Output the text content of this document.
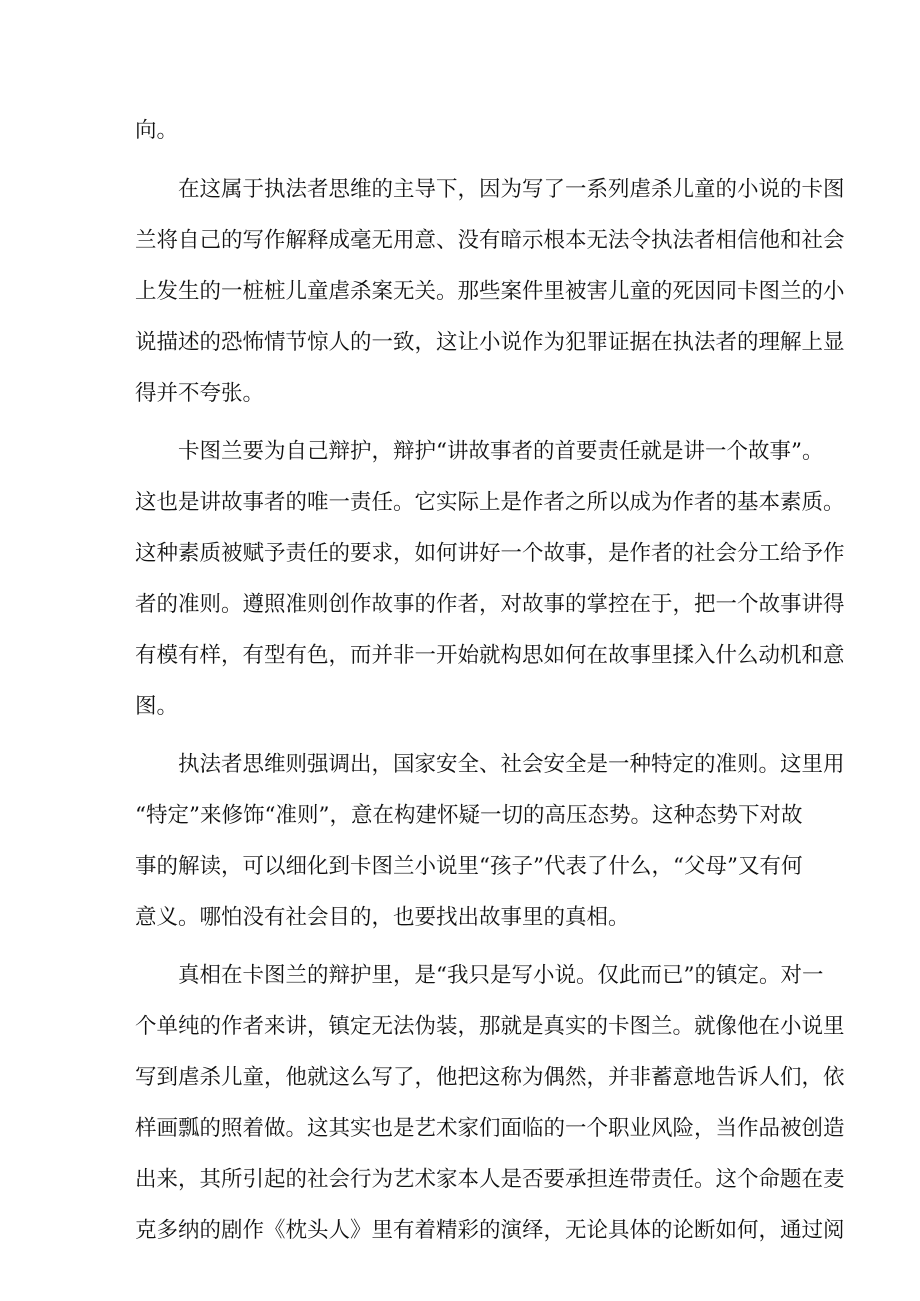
向。
在这属于执法者思维的主导下，因为写了一系列虐杀儿童的小说的卡图
兰将自己的写作解释成毫无用意、没有暗示根本无法令执法者相信他和社会
上发生的一桩桩儿童虐杀案无关。那些案件里被害儿童的死因同卡图兰的小
说描述的恐怖情节惊人的一致，这让小说作为犯罪证据在执法者的理解上显
得并不夸张。
卡图兰要为自己辩护，辩护“讲故事者的首要责任就是讲一个故事”。
这也是讲故事者的唯一责任。它实际上是作者之所以成为作者的基本素质。
这种素质被赋予责任的要求，如何讲好一个故事，是作者的社会分工给予作
者的准则。遵照准则创作故事的作者，对故事的掌控在于，把一个故事讲得
有模有样，有型有色，而并非一开始就构思如何在故事里揉入什么动机和意
图。
执法者思维则强调出，国家安全、社会安全是一种特定的准则。这里用
“特定”来修饰“准则”，意在构建怀疑一切的高压态势。这种态势下对故
事的解读，可以细化到卡图兰小说里“孩子”代表了什么，“父母”又有何
意义。哪怕没有社会目的，也要找出故事里的真相。
真相在卡图兰的辩护里，是“我只是写小说。仅此而已”的镇定。对一
个单纯的作者来讲，镇定无法伪装，那就是真实的卡图兰。就像他在小说里
写到虐杀儿童，他就这么写了，他把这称为偶然，并非蓄意地告诉人们，依
样画瓢的照着做。这其实也是艺术家们面临的一个职业风险，当作品被创造
出来，其所引起的社会行为艺术家本人是否要承担连带责任。这个命题在麦
克多纳的剧作《枕头人》里有着精彩的演绎，无论具体的论断如何，通过阅
